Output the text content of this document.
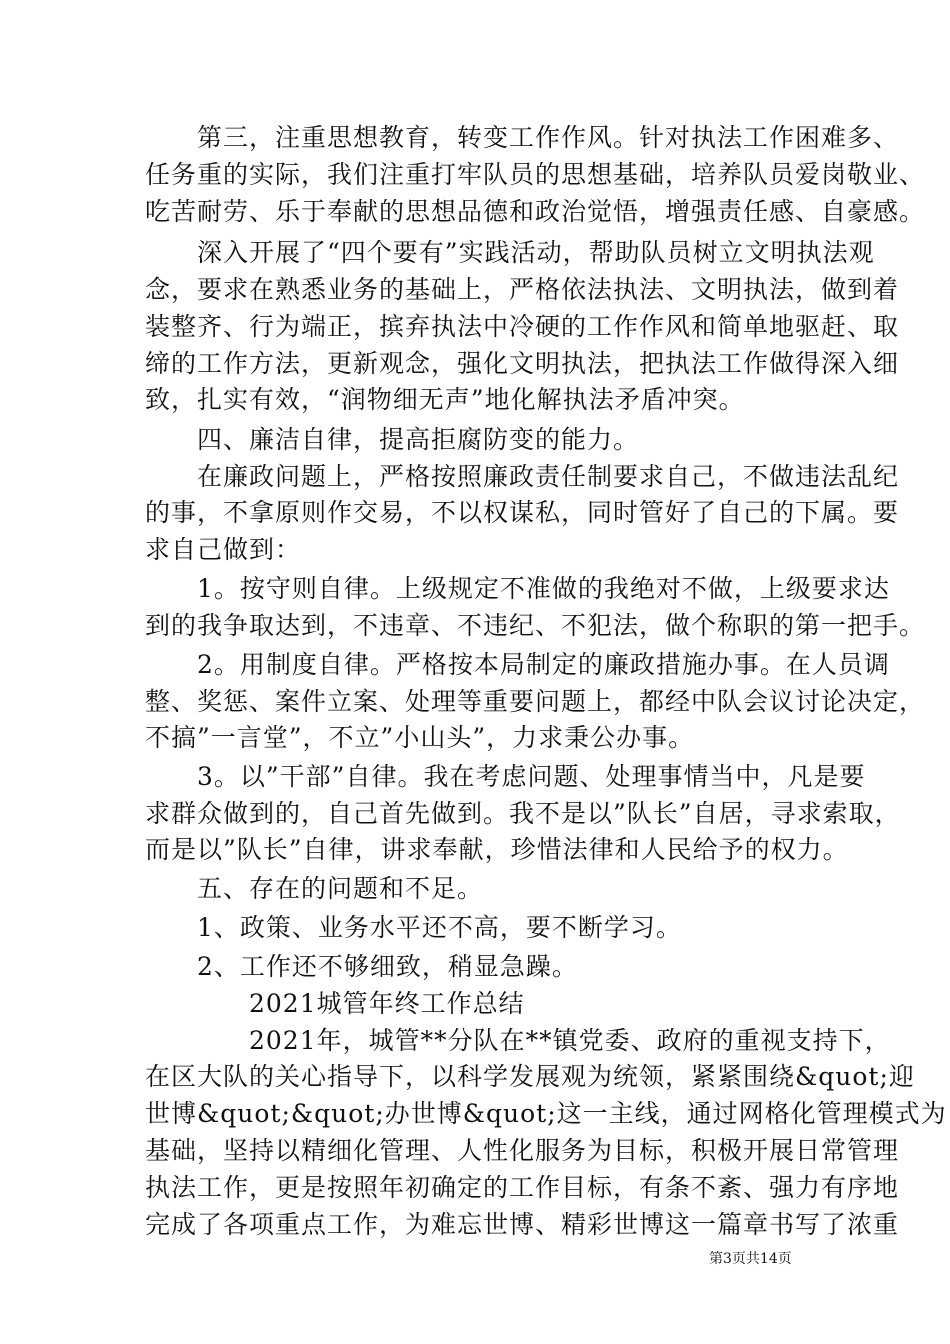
　　第三，注重思想教育，转变工作作风。针对执法工作困难多、
任务重的实际，我们注重打牢队员的思想基础，培养队员爱岗敬业、
吃苦耐劳、乐于奉献的思想品德和政治觉悟，增强责任感、自豪感。
　　深入开展了“四个要有”实践活动，帮助队员树立文明执法观
念，要求在熟悉业务的基础上，严格依法执法、文明执法，做到着
装整齐、行为端正，摈弃执法中冷硬的工作作风和简单地驱赶、取
缔的工作方法，更新观念，强化文明执法，把执法工作做得深入细
致，扎实有效，“润物细无声”地化解执法矛盾冲突。
　　四、廉洁自律，提高拒腐防变的能力。
　　在廉政问题上，严格按照廉政责任制要求自己，不做违法乱纪
的事，不拿原则作交易，不以权谋私，同时管好了自己的下属。要
求自己做到：
　　1。按守则自律。上级规定不准做的我绝对不做，上级要求达
到的我争取达到，不违章、不违纪、不犯法，做个称职的第一把手。
　　2。用制度自律。严格按本局制定的廉政措施办事。在人员调
整、奖惩、案件立案、处理等重要问题上，都经中队会议讨论决定，
不搞”一言堂”，不立”小山头”，力求秉公办事。
　　3。以”干部”自律。我在考虑问题、处理事情当中，凡是要
求群众做到的，自己首先做到。我不是以”队长”自居，寻求索取，
而是以”队长”自律，讲求奉献，珍惜法律和人民给予的权力。
　　五、存在的问题和不足。
　　1、政策、业务水平还不高，要不断学习。
　　2、工作还不够细致，稍显急躁。
　　　　2021城管年终工作总结
　　　　2021年，城管**分队在**镇党委、政府的重视支持下，
在区大队的关心指导下，以科学发展观为统领，紧紧围绕&quot;迎
世博&quot;&quot;办世博&quot;这一主线，通过网格化管理模式为
基础，坚持以精细化管理、人性化服务为目标，积极开展日常管理
执法工作，更是按照年初确定的工作目标，有条不紊、强力有序地
完成了各项重点工作，为难忘世博、精彩世博这一篇章书写了浓重
第3页共14页
